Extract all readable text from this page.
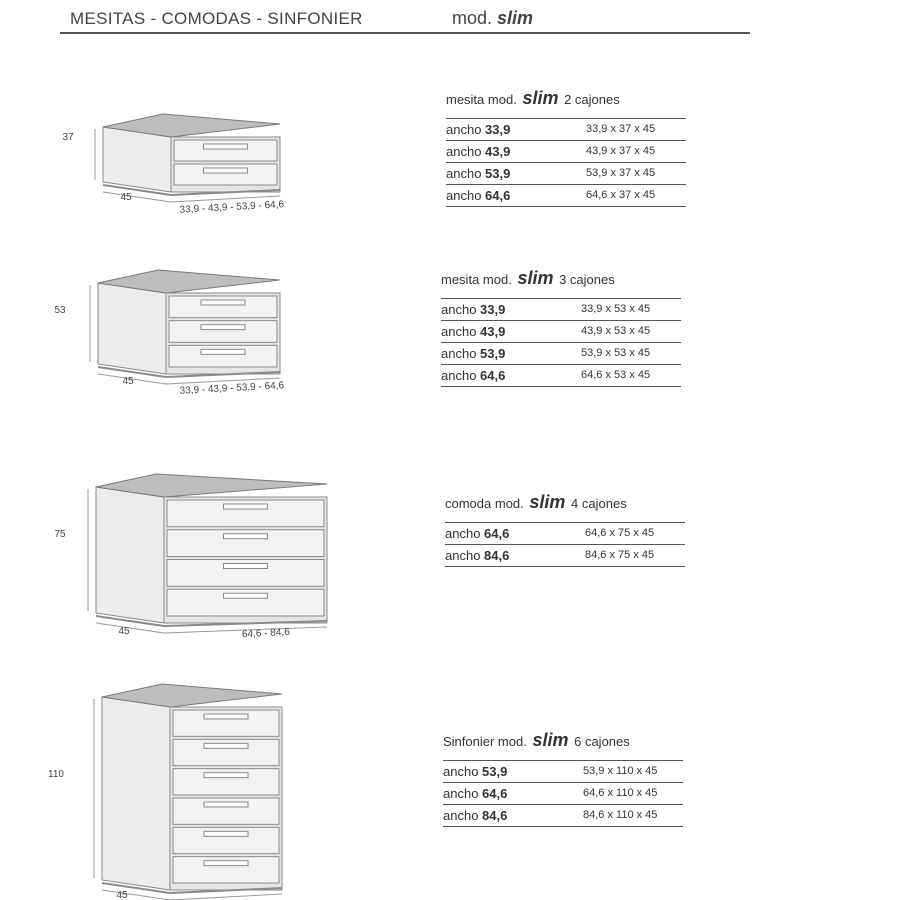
MESITAS - COMODAS - SINFONIER	mod. slim
37
45
33,9 - 43,9 - 53,9 - 64,6
53
45	33,9 - 43,9 - 53,9 - 64,6
75
45	64,6 - 84,6
110
45
mesita mod. slim 2 cajones
ancho 33,9	33,9 x 37 x 45
ancho 43,9	43,9 x 37 x 45
ancho 53,9	53,9 x 37 x 45
ancho 64,6	64,6 x 37 x 45
mesita mod. slim 3 cajones
ancho 33,9	33,9 x 53 x 45
ancho 43,9	43,9 x 53 x 45
ancho 53,9	53,9 x 53 x 45
ancho 64,6	64,6 x 53 x 45
comoda mod. slim 4 cajones
ancho 64,6	64,6 x 75 x 45
ancho 84,6	84,6 x 75 x 45
Sinfonier mod. slim 6 cajones
ancho 53,9	53,9 x 110 x 45
ancho 64,6	64,6 x 110 x 45
ancho 84,6	84,6 x 110 x 45
